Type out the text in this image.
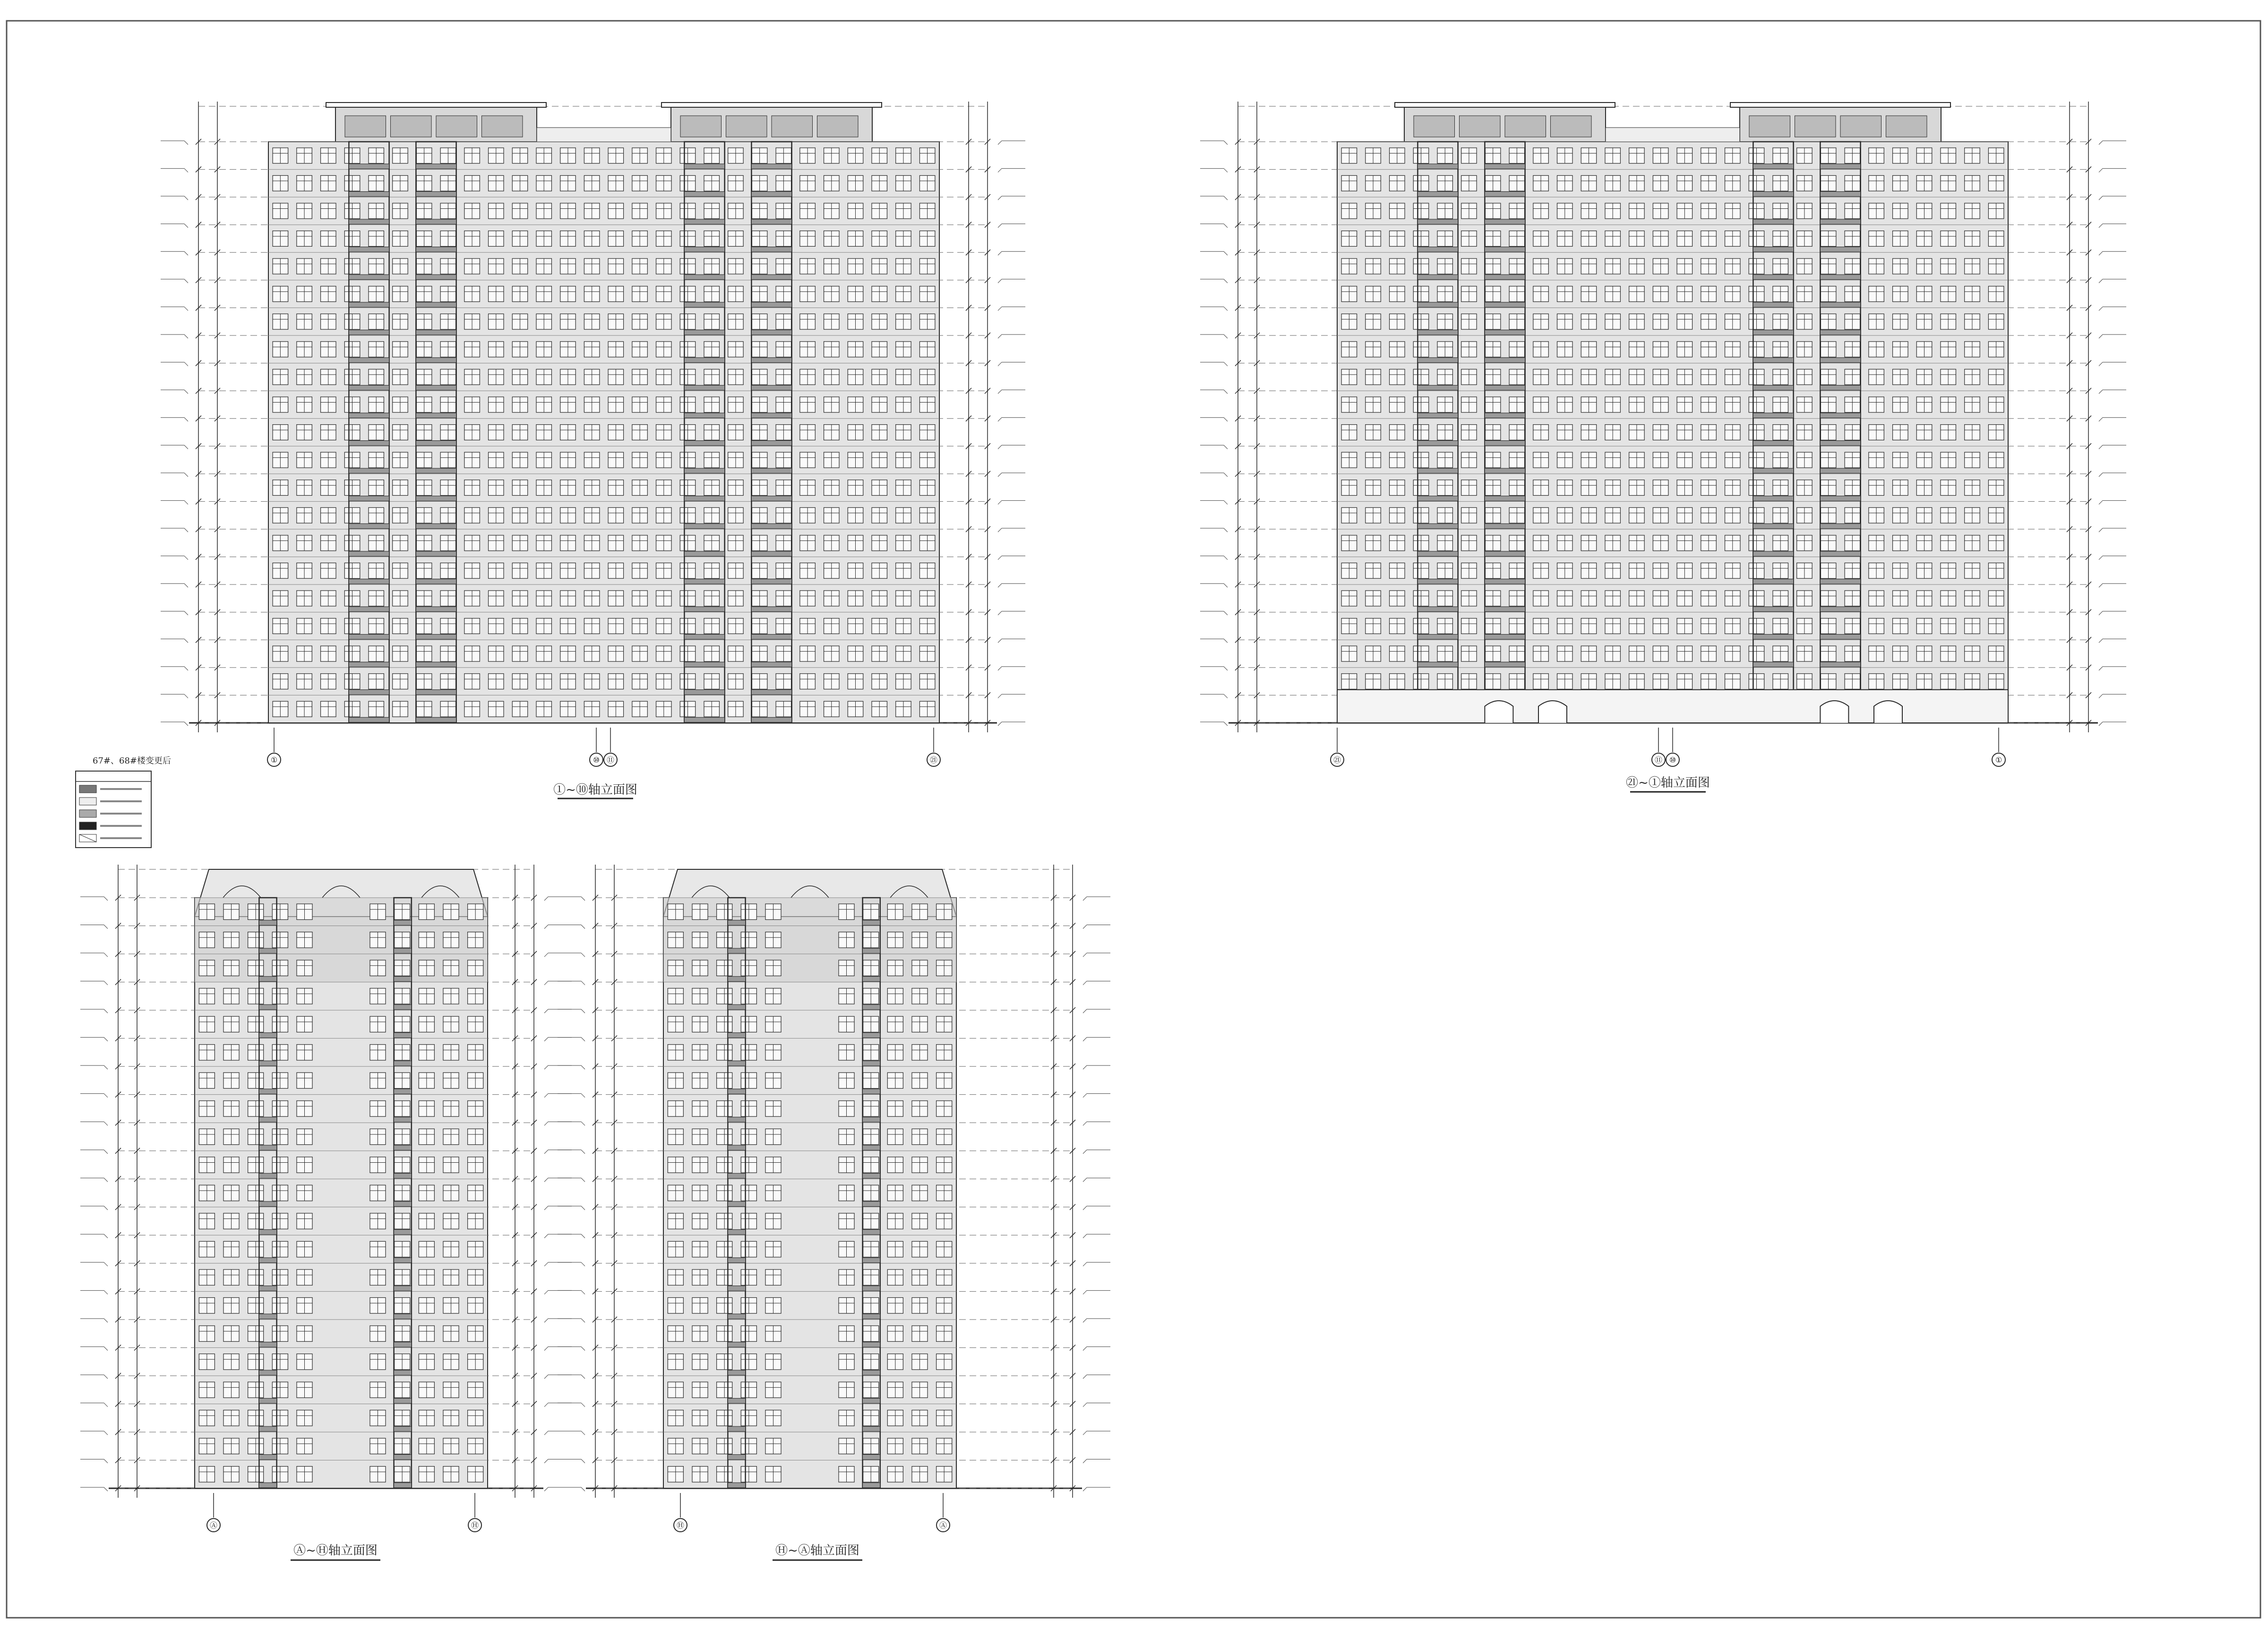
①	⑩ ⑪	㉑	㉑	⑪ ⑩	①
Ⓐ	Ⓗ	Ⓗ	Ⓐ
①~⑩轴立面图	㉑~①轴立面图
Ⓐ~Ⓗ轴立面图	Ⓗ~Ⓐ轴立面图
67#、68#楼变更后
